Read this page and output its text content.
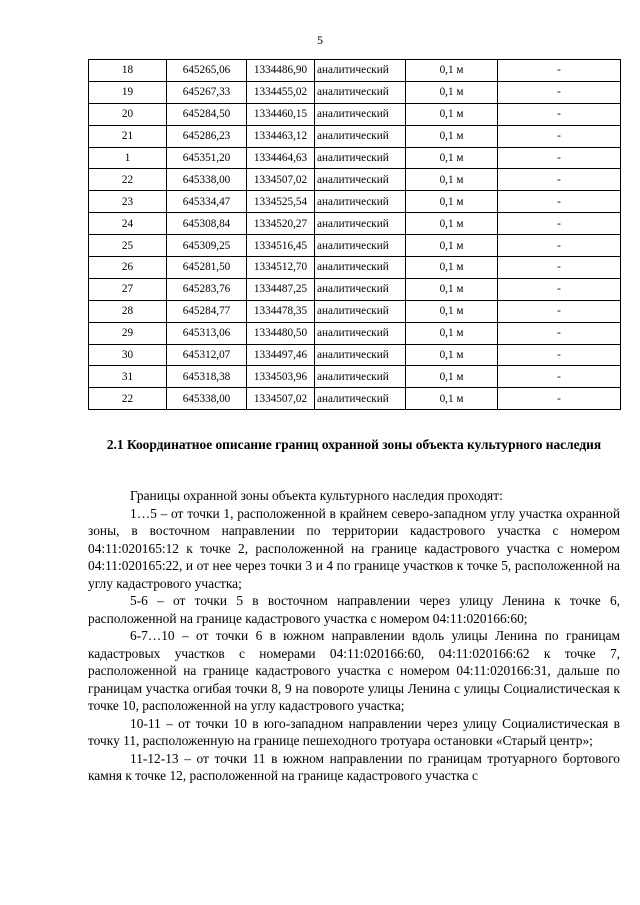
5
18	645265,06	1334486,90	аналитический	0,1 м	-
19	645267,33	1334455,02	аналитический	0,1 м	-
20	645284,50	1334460,15	аналитический	0,1 м	-
21	645286,23	1334463,12	аналитический	0,1 м	-
1	645351,20	1334464,63	аналитический	0,1 м	-
22	645338,00	1334507,02	аналитический	0,1 м	-
23	645334,47	1334525,54	аналитический	0,1 м	-
24	645308,84	1334520,27	аналитический	0,1 м	-
25	645309,25	1334516,45	аналитический	0,1 м	-
26	645281,50	1334512,70	аналитический	0,1 м	-
27	645283,76	1334487,25	аналитический	0,1 м	-
28	645284,77	1334478,35	аналитический	0,1 м	-
29	645313,06	1334480,50	аналитический	0,1 м	-
30	645312,07	1334497,46	аналитический	0,1 м	-
31	645318,38	1334503,96	аналитический	0,1 м	-
22	645338,00	1334507,02	аналитический	0,1 м	-
2.1 Координатное описание границ охранной зоны объекта культурного наследия

Границы охранной зоны объекта культурного наследия проходят:

1…5 – от точки 1, расположенной в крайнем северо-западном углу участка охранной зоны, в восточном направлении по территории кадастрового участка с номером 04:11:020165:12 к точке 2, расположенной на границе кадастрового участка с номером 04:11:020165:22, и от нее через точки 3 и 4 по границе участков к точке 5, расположенной на углу кадастрового участка;

5-6 – от точки 5 в восточном направлении через улицу Ленина к точке 6, расположенной на границе кадастрового участка с номером 04:11:020166:60;

6-7…10 – от точки 6 в южном направлении вдоль улицы Ленина по границам кадастровых участков с номерами 04:11:020166:60, 04:11:020166:62 к точке 7, расположенной на границе кадастрового участка с номером 04:11:020166:31, дальше по границам участка огибая точки 8, 9 на повороте улицы Ленина с улицы Социалистическая к точке 10, расположенной на углу кадастрового участка;

10-11 – от точки 10 в юго-западном направлении через улицу Социалистическая в точку 11, расположенную на границе пешеходного тротуара остановки «Старый центр»;

11-12-13 – от точки 11 в южном направлении по границам тротуарного бортового камня к точке 12, расположенной на границе кадастрового участка с
